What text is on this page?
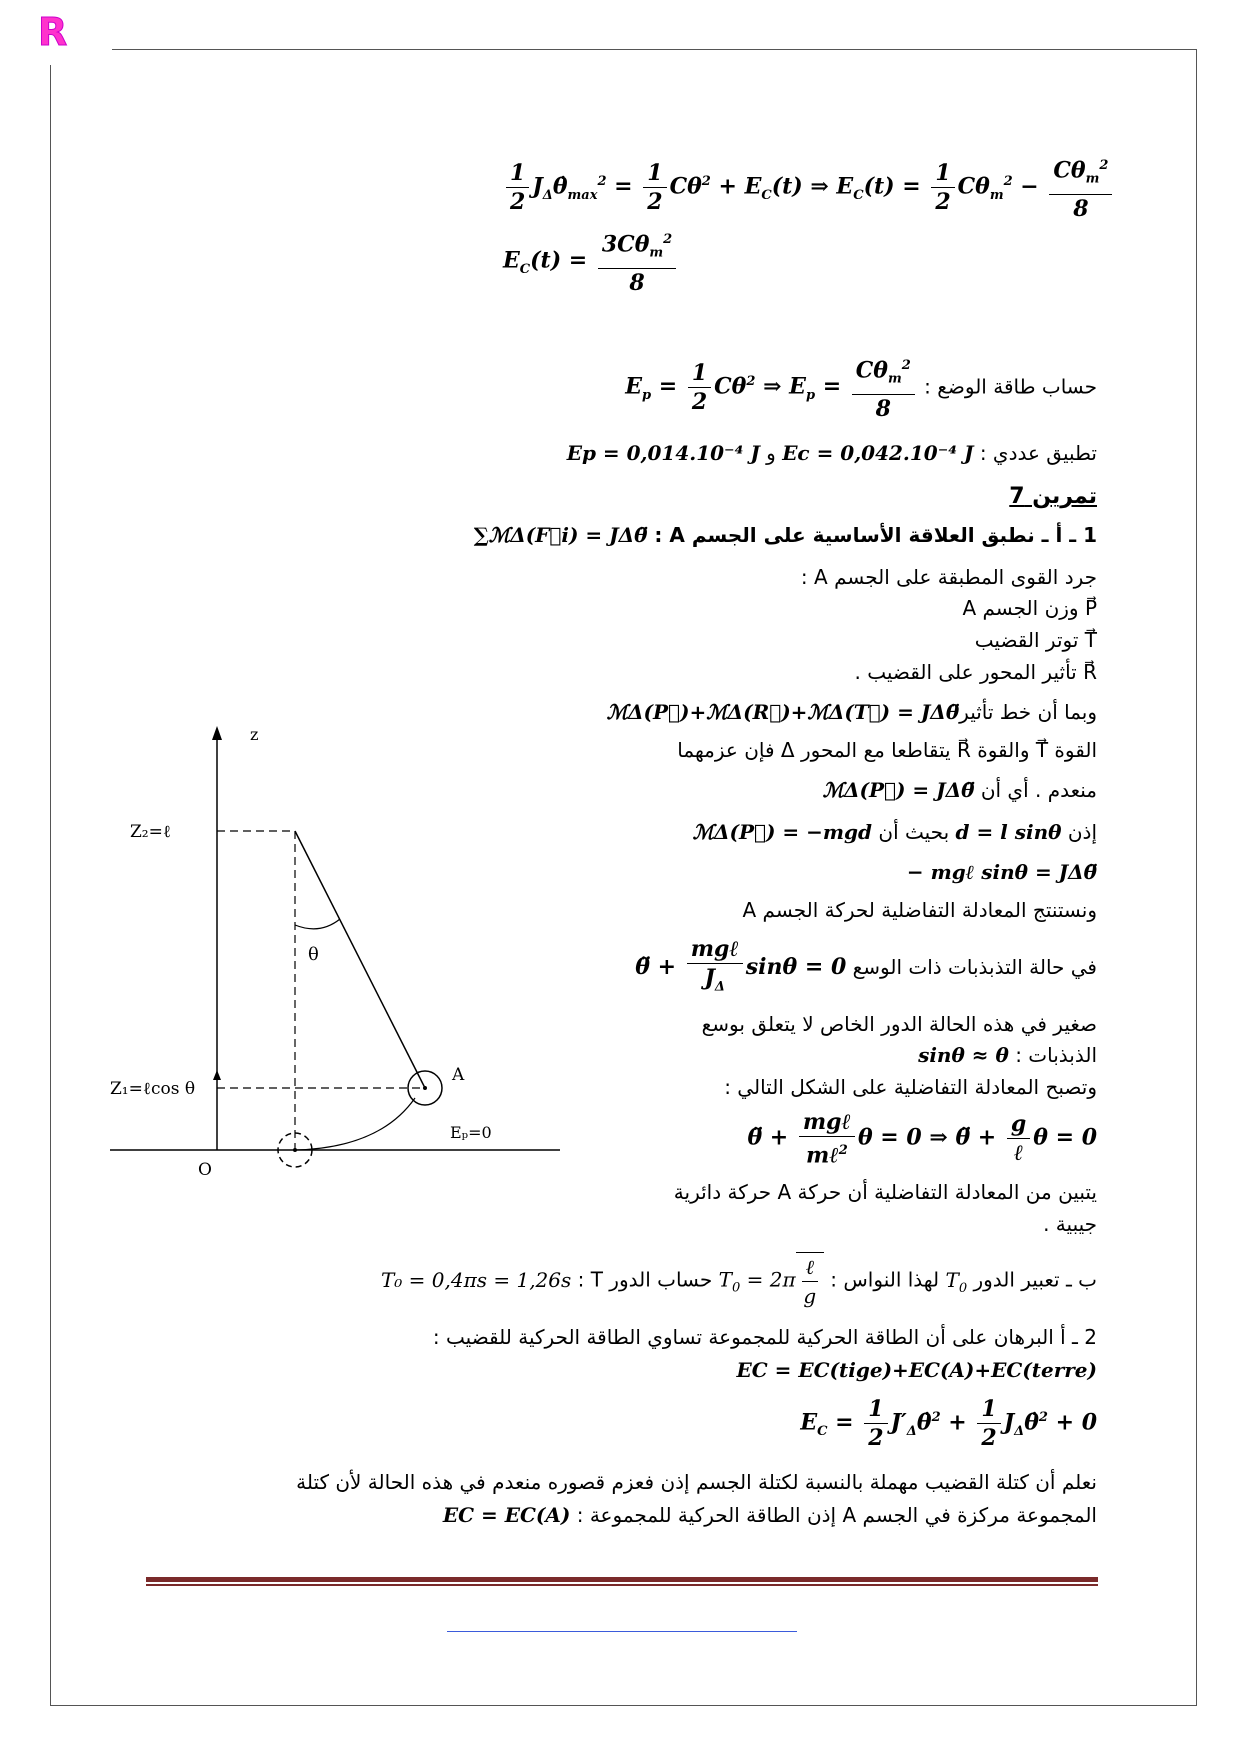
R
$\frac{1}{2}$ $J_\Delta\thetȧ_{max}^2 = \frac{1}{2} C\theta^2 + E_C(t)$ ⇒ $E_C(t) = \frac{1}{2} C\theta_m^2 - \frac{C\theta_m^2}{8}$
$E_C(t) = \frac{3C\theta_m^2}{8}$
حساب طاقة الوضع : $E_p = \frac{1}{2} C\theta^2$ ⇒ $E_p = \frac{C\theta_m^2}{8}$
تطبيق عددي : Ec = 0,042.10⁻⁴ J و Ep = 0,014.10⁻⁴ J
تمرين 7
1 ـ أ ـ نطبق العلاقة الأساسية على الجسم A : ∑ℳΔ(F⃗i) = JΔθ̈
جرد القوى المطبقة على الجسم A :
P⃗ وزن الجسم A
T⃗ توتر القضيب
R⃗ تأثير المحور على القضيب .
وبما أن خط تأثيرℳΔ(P⃗)+ℳΔ(R⃗)+ℳΔ(T⃗) = JΔθ̈
القوة T⃗ والقوة R⃗ يتقاطعا مع المحور Δ فإن عزمهما
منعدم . أي أن ℳΔ(P⃗) = JΔθ̈
إذن d = l sinθ بحيث أن ℳΔ(P⃗) = −mgd
− mgℓ sinθ = JΔθ̈
ونستنتج المعادلة التفاضلية لحركة الجسم A
في حالة التذبذبات ذات الوسع θ̈ + $\frac{\text{mgℓ}}{J_\Delta}$ sinθ = 0
صغير في هذه الحالة الدور الخاص لا يتعلق بوسع
الذبذبات : sinθ ≈ θ
وتصبح المعادلة التفاضلية على الشكل التالي :
θ̈ + $\frac{\text{mgℓ}}{m\ell^2}$ θ = 0 ⇒ θ̈ + $\frac{g}{\text{ℓ}}$ θ = 0
يتبين من المعادلة التفاضلية أن حركة A حركة دائرية
جيبية .
ب ـ تعبير الدور $T_0$ لهذا النواس : $T_0 = 2\pi \frac{\text{ℓ}}{g}$
حساب الدور T : T₀ = 0,4πs = 1,26s
2 ـ أ البرهان على أن الطاقة الحركية للمجموعة تساوي الطاقة الحركية للقضيب :
EC = EC(tige)+EC(A)+EC(terre)
$E_C = \frac{1}{2}$ $J'_\Delta\thetȧ^2 + \frac{1}{2}$ $J_\Delta\thetȧ^2 + 0$
نعلم أن كتلة القضيب مهملة بالنسبة لكتلة الجسم إذن فعزم قصوره منعدم في هذه الحالة لأن كتلة
المجموعة مركزة في الجسم A إذن الطاقة الحركية للمجموعة : EC = EC(A)
z
Z₂=ℓ
Z₁=ℓcos θ
θ
A
Eₚ=0
O
